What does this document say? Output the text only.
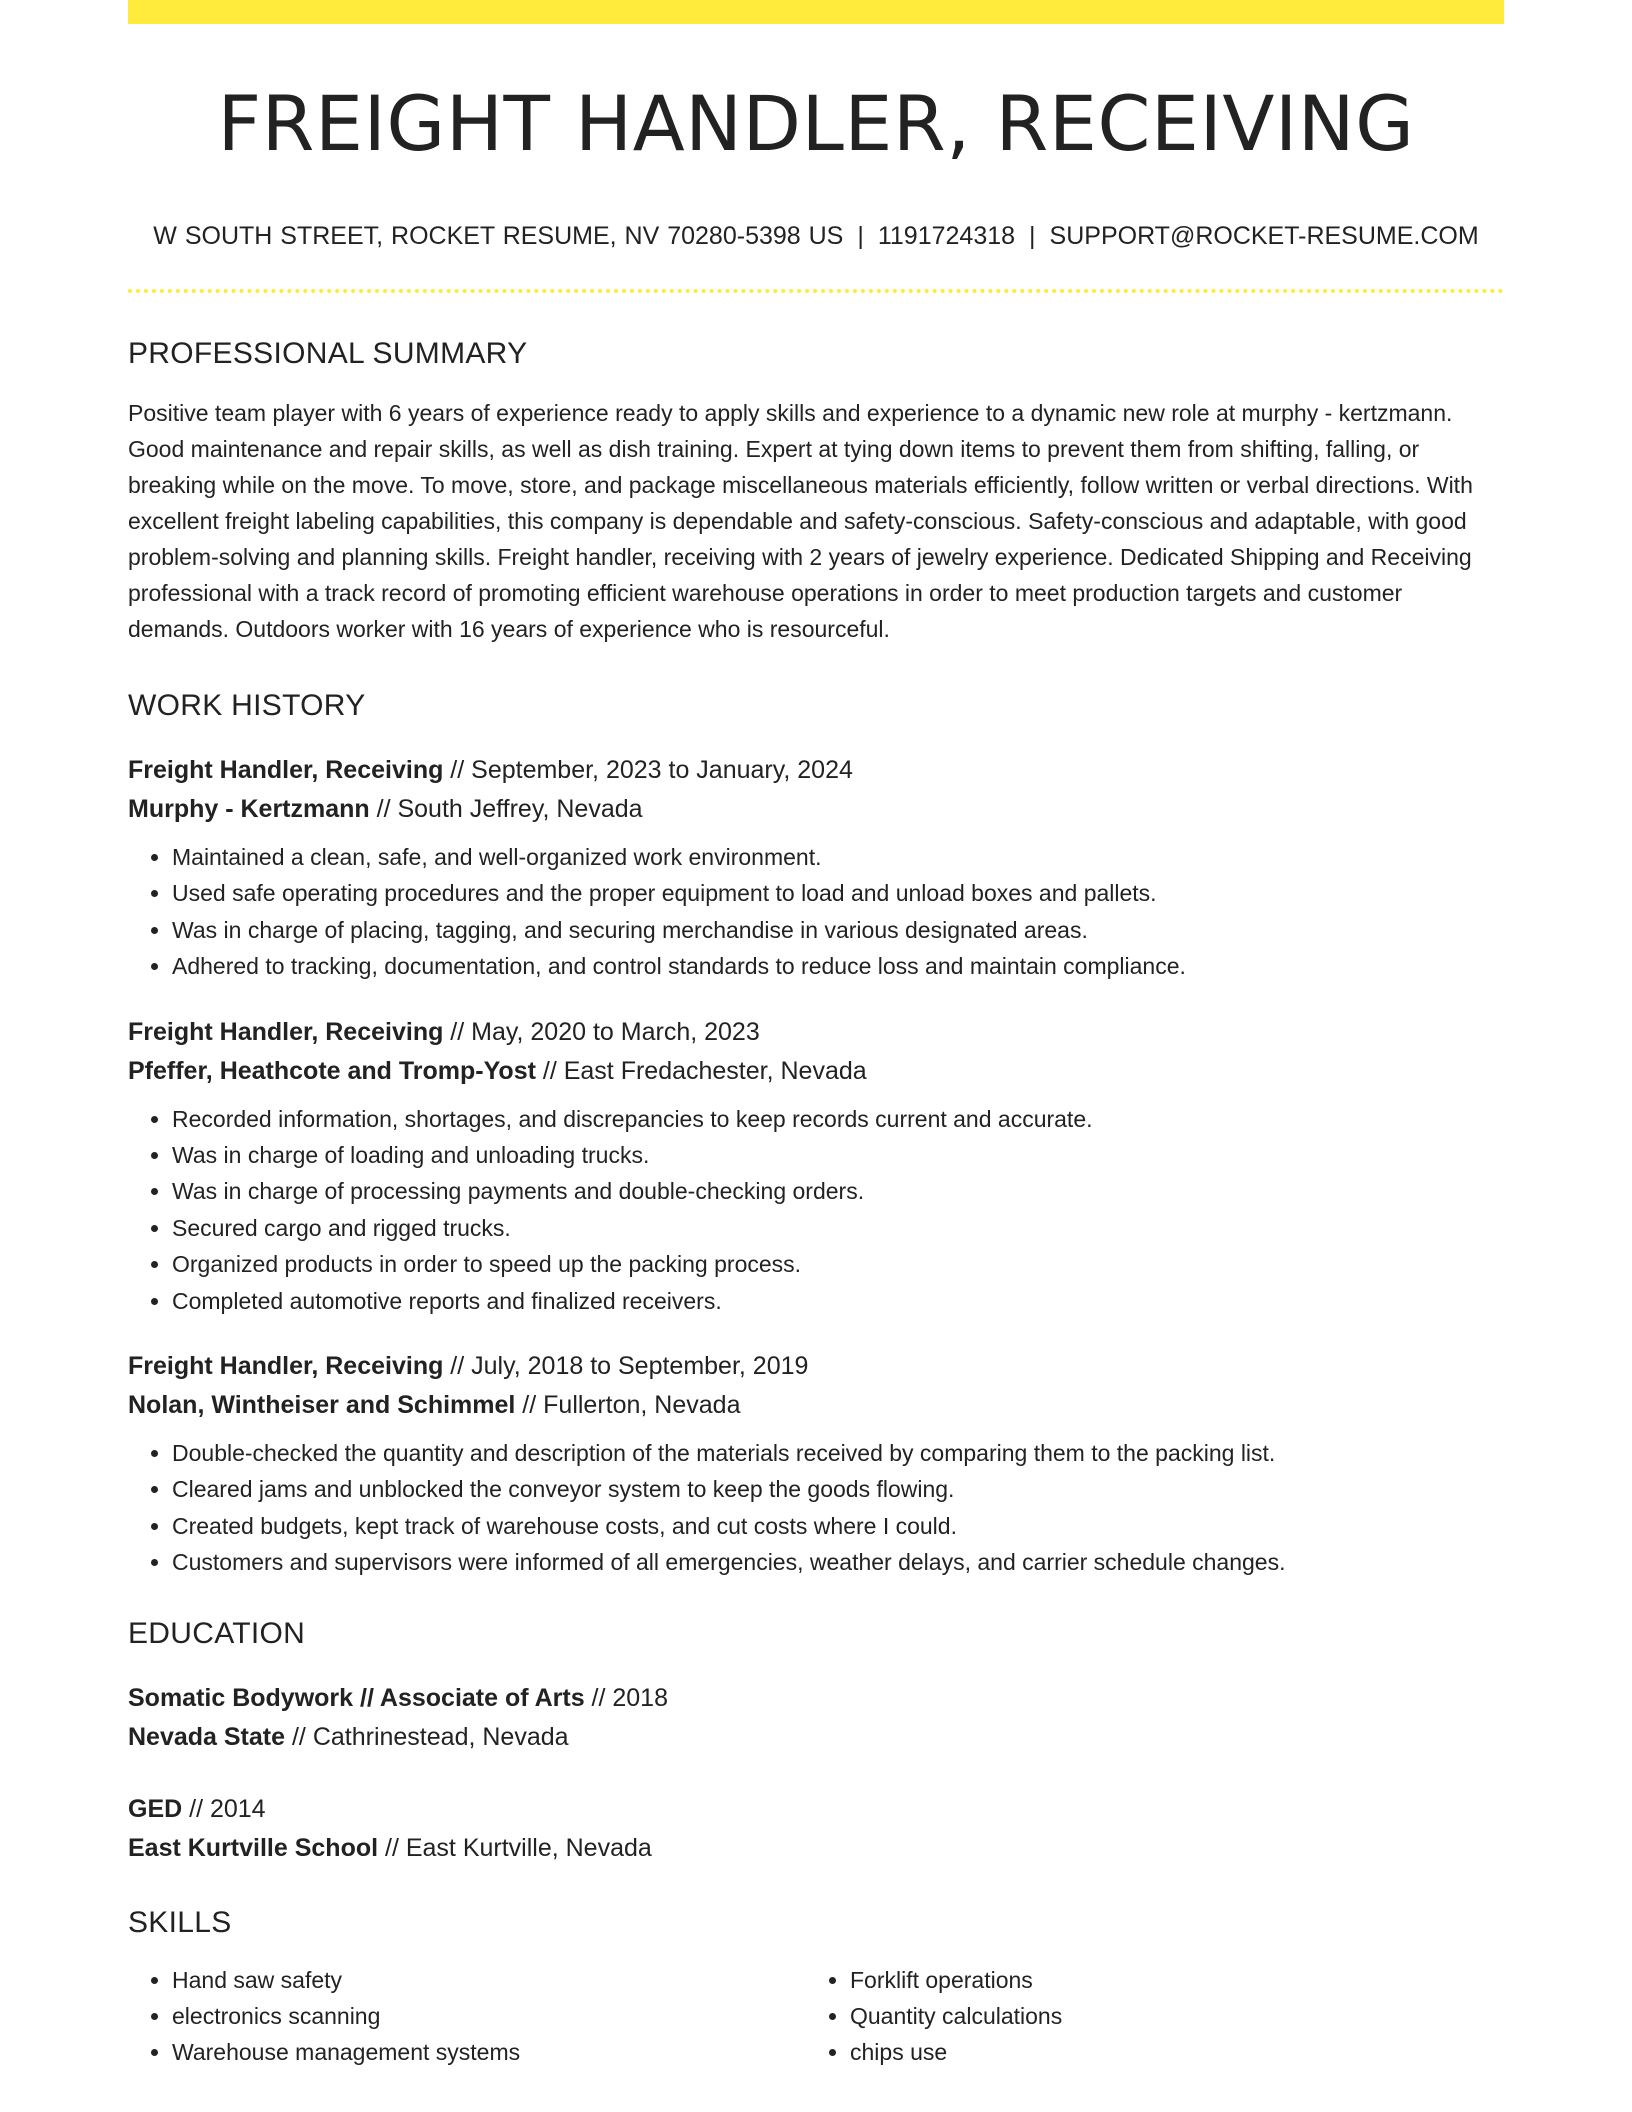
FREIGHT HANDLER, RECEIVING
W SOUTH STREET, ROCKET RESUME, NV 70280-5398 US | 1191724318 | SUPPORT@ROCKET-RESUME.COM
PROFESSIONAL SUMMARY
Positive team player with 6 years of experience ready to apply skills and experience to a dynamic new role at murphy - kertzmann. Good maintenance and repair skills, as well as dish training. Expert at tying down items to prevent them from shifting, falling, or breaking while on the move. To move, store, and package miscellaneous materials efficiently, follow written or verbal directions. With excellent freight labeling capabilities, this company is dependable and safety-conscious. Safety-conscious and adaptable, with good problem-solving and planning skills. Freight handler, receiving with 2 years of jewelry experience. Dedicated Shipping and Receiving professional with a track record of promoting efficient warehouse operations in order to meet production targets and customer demands. Outdoors worker with 16 years of experience who is resourceful.
WORK HISTORY
Freight Handler, Receiving // September, 2023 to January, 2024
Murphy - Kertzmann // South Jeffrey, Nevada
• Maintained a clean, safe, and well-organized work environment.
• Used safe operating procedures and the proper equipment to load and unload boxes and pallets.
• Was in charge of placing, tagging, and securing merchandise in various designated areas.
• Adhered to tracking, documentation, and control standards to reduce loss and maintain compliance.
Freight Handler, Receiving // May, 2020 to March, 2023
Pfeffer, Heathcote and Tromp-Yost // East Fredachester, Nevada
• Recorded information, shortages, and discrepancies to keep records current and accurate.
• Was in charge of loading and unloading trucks.
• Was in charge of processing payments and double-checking orders.
• Secured cargo and rigged trucks.
• Organized products in order to speed up the packing process.
• Completed automotive reports and finalized receivers.
Freight Handler, Receiving // July, 2018 to September, 2019
Nolan, Wintheiser and Schimmel // Fullerton, Nevada
• Double-checked the quantity and description of the materials received by comparing them to the packing list.
• Cleared jams and unblocked the conveyor system to keep the goods flowing.
• Created budgets, kept track of warehouse costs, and cut costs where I could.
• Customers and supervisors were informed of all emergencies, weather delays, and carrier schedule changes.
EDUCATION
Somatic Bodywork // Associate of Arts // 2018
Nevada State // Cathrinestead, Nevada
GED // 2014
East Kurtville School // East Kurtville, Nevada
SKILLS
• Hand saw safety
• electronics scanning
• Warehouse management systems
• Forklift operations
• Quantity calculations
• chips use
